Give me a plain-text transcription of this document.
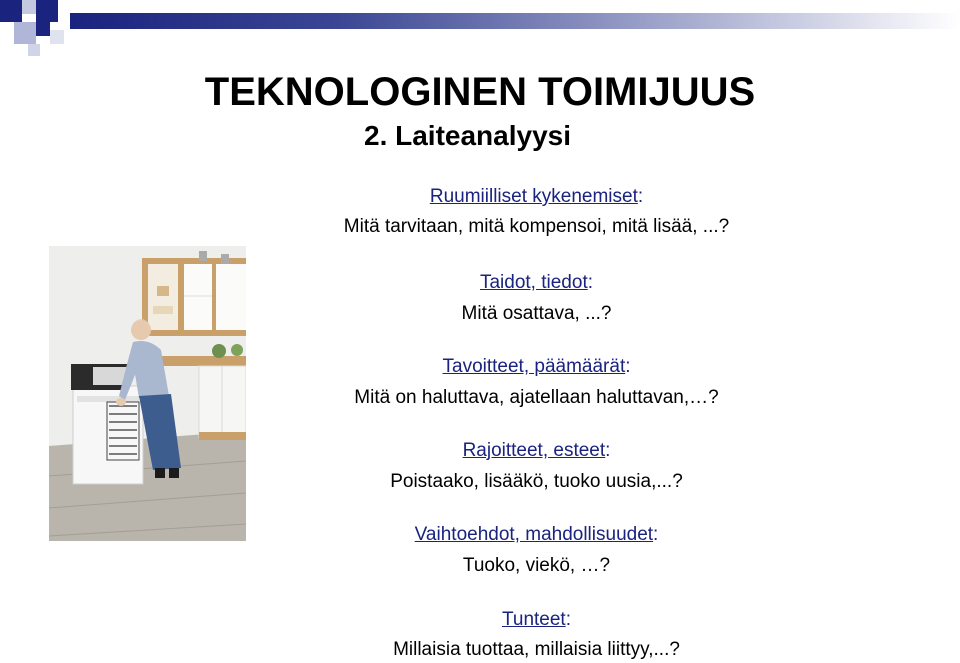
TEKNOLOGINEN TOIMIJUUS
2. Laiteanalyysi
Ruumiilliset kykenemiset:
Mitä tarvitaan, mitä kompensoi, mitä lisää, ...?
Taidot, tiedot:
Mitä osattava, ...?
Tavoitteet, päämäärät:
Mitä on haluttava, ajatellaan haluttavan,…?
Rajoitteet, esteet:
Poistaako, lisääkö, tuoko uusia,...?
Vaihtoehdot, mahdollisuudet:
Tuoko, viekö, …?
Tunteet:
Millaisia tuottaa, millaisia liittyy,...?
